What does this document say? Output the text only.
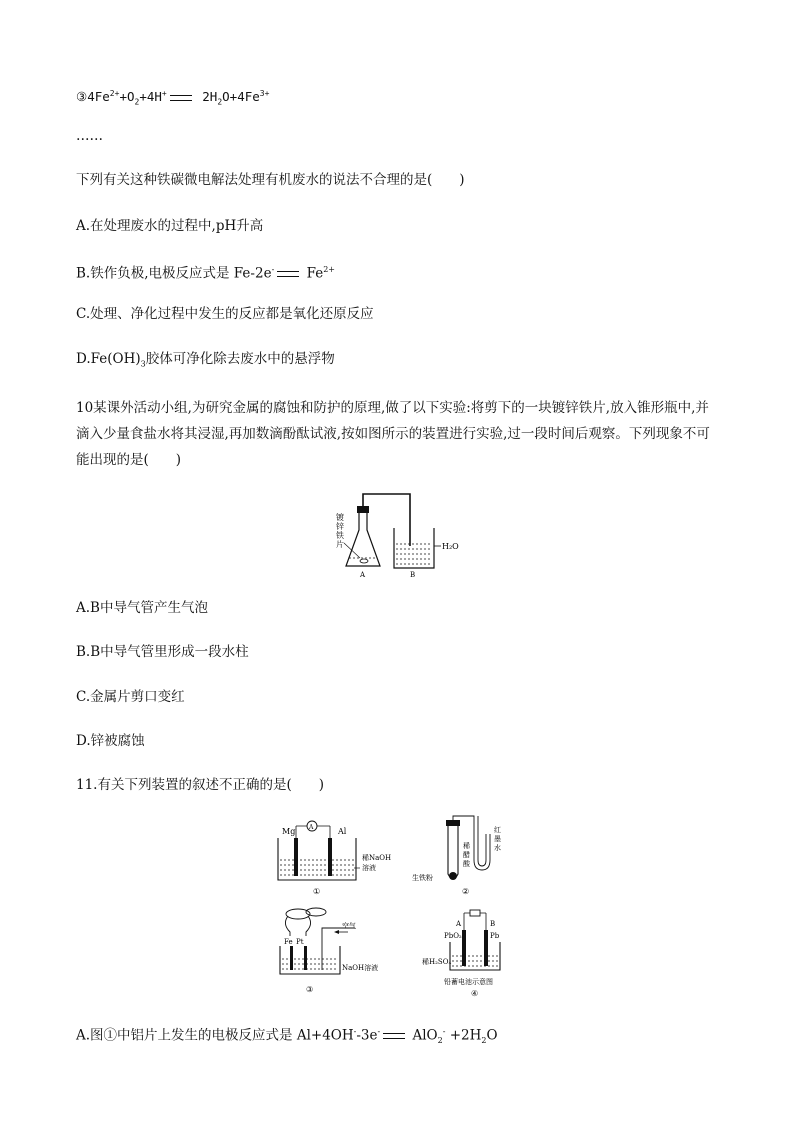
$③4Fe^{2+}+O_2+4H^+$	$2H_2O+4Fe^{3+}$
……
下列有关这种铁碳微电解法处理有机废水的说法不合理的是(　　)
A.在处理废水的过程中,pH升高
B.铁作负极,电极反应式是 Fe-2e- $Fe^{2+}$
C.处理、净化过程中发生的反应都是氧化还原反应
$D.Fe(OH)_3$胶体可净化除去废水中的悬浮物
10某课外活动小组,为研究金属的腐蚀和防护的原理,做了以下实验:将剪下的一块镀锌铁片,放入锥形瓶中,并滴入少量食盐水将其浸湿,再加数滴酚酞试液,按如图所示的装置进行实验,过一段时间后观察。下列现象不可能出现的是(　　)
H₂O
镀
锌
铁
片
A	B
A.B中导气管产生气泡
B.B中导气管里形成一段水柱
C.金属片剪口变红
D.锌被腐蚀
11.有关下列装置的叙述不正确的是(　　)
Mg	Al
A
稀NaOH
溶液
①
稀
醋
酸
红
墨
水
生铁粉
②
空气
Fe Pt
NaOH溶液
③
A	B
PbO₂	Pb
稀H₂SO₄
铅蓄电池示意图
④
A.图①中铝片上发生的电极反应式是 Al+4OH--3e- $AlO_2^- +2H_2O$
